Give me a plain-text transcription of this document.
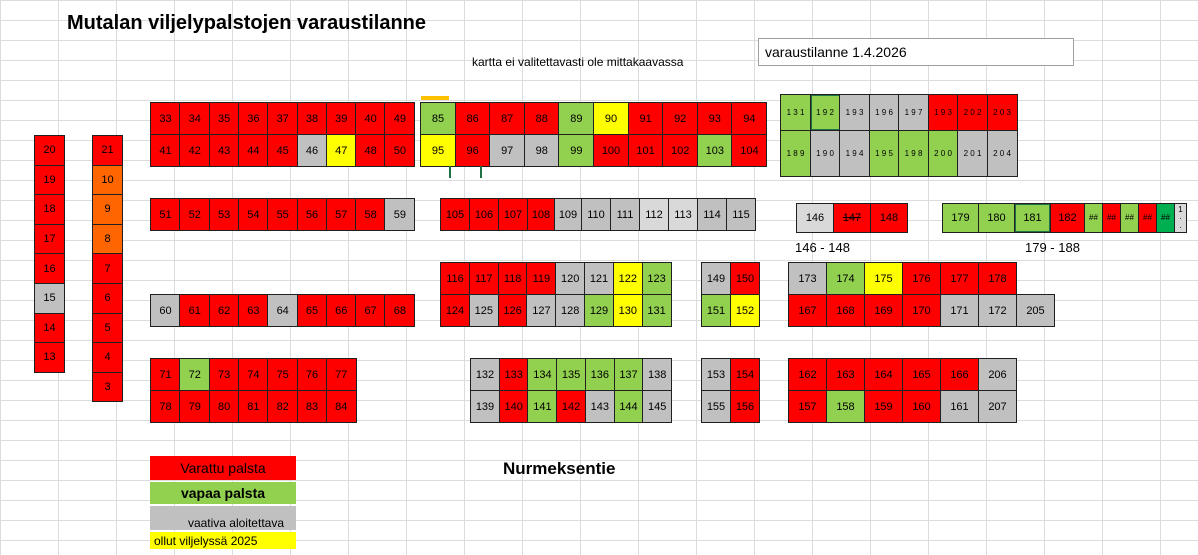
Mutalan viljelypalstojen varaustilanne
kartta ei valitettavasti ole mittakaavassa
varaustilanne 1.4.2026
Nurmeksentie
146 - 148	179 - 188
Varattu palsta
vapaa palsta
vaativa aloitettava
ollut viljelyssä 2025
20
19
18
17
16
15
14
13
21
10
9
8
7
6
5
4
3
33 34 35 36 37 38 39 40 49
41 42 43 44 45 46 47 48 50
51 52 53 54 55 56 57 58 59
60 61 62 63 64 65 66 67 68
71 72 73 74 75 76 77
78 79 80 81 82 83 84
85 86 87 88 89 90 91 92 93 94
95 96 97 98 99 100 101 102 103 104
105 106 107 108 109 110 111 112 113 114 115
116 117 118 119 120 121 122 123
124 125 126 127 128 129 130 131
132 133 134 135 136 137 138
139 140 141 142 143 144 145
149 150
151 152
153 154
155 156
173 174 175 176 177 178
167 168 169 170 171 172 205
162 163 164 165 166 206
157 158 159 160 161 207
1 3 1 1 9 2 1 9 3 1 9 6 1 9 7 1 9 3 2 0 2 2 0 3
1 8 9 1 9 0 1 9 4 1 9 5 1 9 8 2 0 0 2 0 1 2 0 4
146 147 148	179 180 181 182 ## ## ## ## ##
1 ··
